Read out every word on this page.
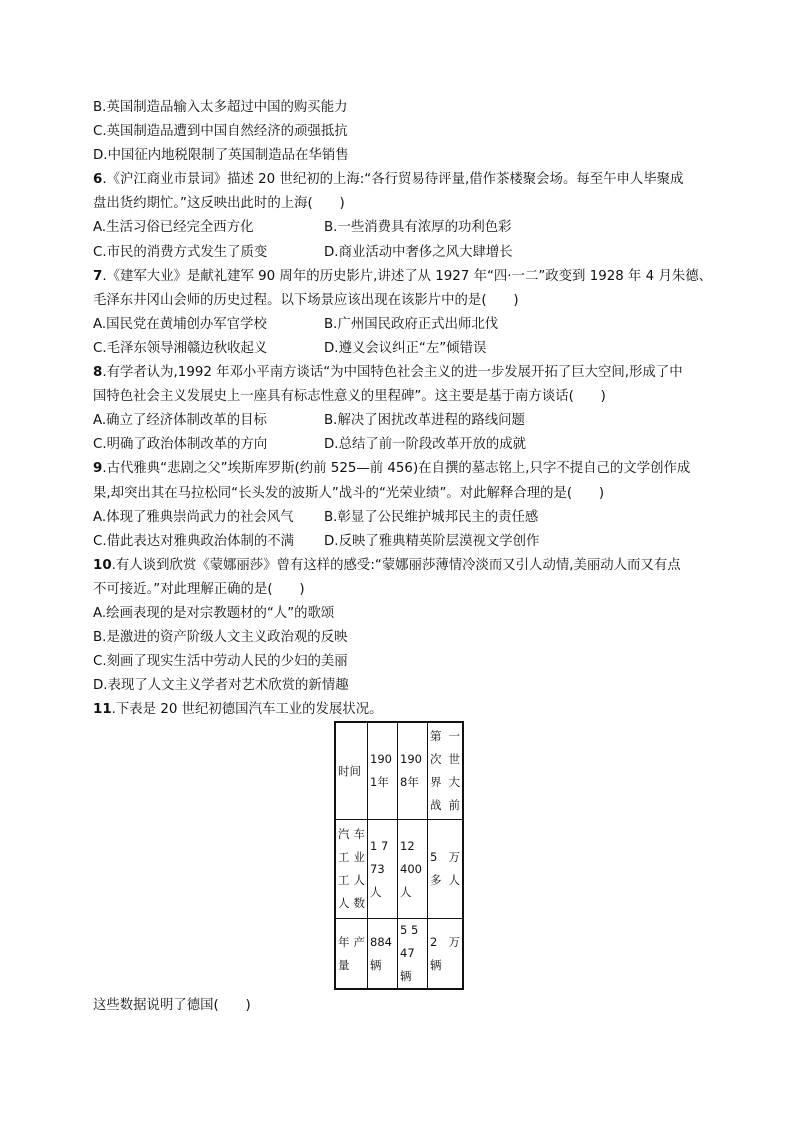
B.英国制造品输入太多超过中国的购买能力
C.英国制造品遭到中国自然经济的顽强抵抗
D.中国征内地税限制了英国制造品在华销售
6.《沪江商业市景词》描述 20 世纪初的上海:“各行贸易待评量,借作茶楼聚会场。每至午申人毕聚成
盘出货约期忙。”这反映出此时的上海(　　)
A.生活习俗已经完全西方化	B.一些消费具有浓厚的功利色彩
C.市民的消费方式发生了质变	D.商业活动中奢侈之风大肆增长
7.《建军大业》是献礼建军 90 周年的历史影片,讲述了从 1927 年“四·一二”政变到 1928 年 4 月朱德、
毛泽东井冈山会师的历史过程。以下场景应该出现在该影片中的是(　　)
A.国民党在黄埔创办军官学校	B.广州国民政府正式出师北伐
C.毛泽东领导湘赣边秋收起义	D.遵义会议纠正“左”倾错误
8.有学者认为,1992 年邓小平南方谈话“为中国特色社会主义的进一步发展开拓了巨大空间,形成了中
国特色社会主义发展史上一座具有标志性意义的里程碑”。这主要是基于南方谈话(　　)
A.确立了经济体制改革的目标	B.解决了困扰改革进程的路线问题
C.明确了政治体制改革的方向	D.总结了前一阶段改革开放的成就
9.古代雅典“悲剧之父”埃斯库罗斯(约前 525—前 456)在自撰的墓志铭上,只字不提自己的文学创作成
果,却突出其在马拉松同“长头发的波斯人”战斗的“光荣业绩”。对此解释合理的是(　　)
A.体现了雅典崇尚武力的社会风气	B.彰显了公民维护城邦民主的责任感
C.借此表达对雅典政治体制的不满	D.反映了雅典精英阶层漠视文学创作
10.有人谈到欣赏《蒙娜丽莎》曾有这样的感受:“蒙娜丽莎薄情冷淡而又引人动情,美丽动人而又有点
不可接近。”对此理解正确的是(　　)
A.绘画表现的是对宗教题材的“人”的歌颂
B.是激进的资产阶级人文主义政治观的反映
C.刻画了现实生活中劳动人民的少妇的美丽
D.表现了人文主义学者对艺术欣赏的新情趣
11.下表是 20 世纪初德国汽车工业的发展状况。
时间	1901年	1908年	第一次世界大战前
汽车工业工人人数	1 773人	12 400人	5 万多人
年产量	884辆	5 547辆	2 万辆
这些数据说明了德国(　　)
